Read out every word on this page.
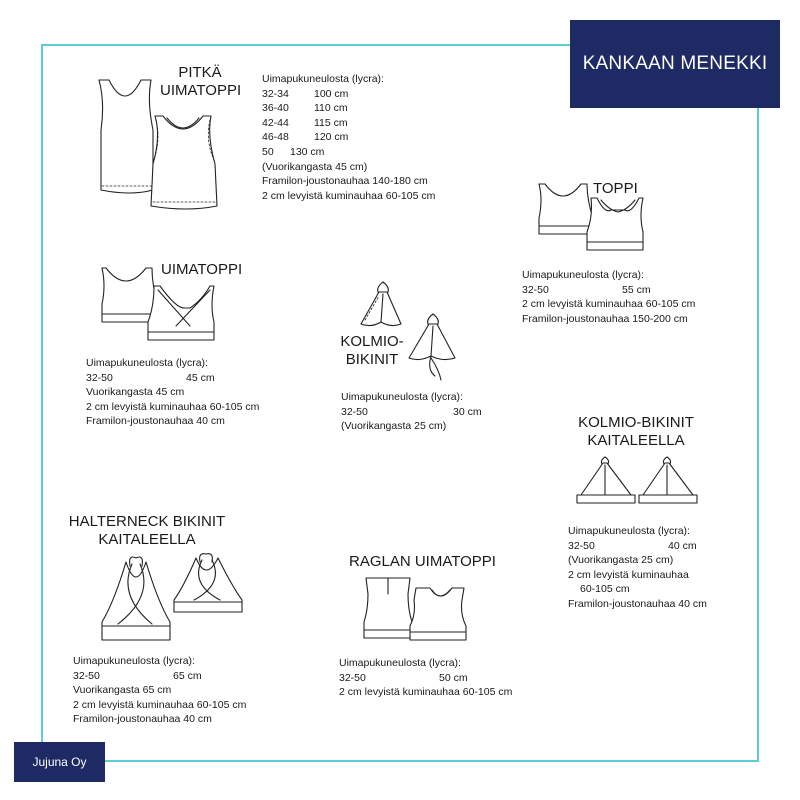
KANKAAN MENEKKI
Jujuna Oy
PITKÄ
UIMATOPPI
Uimapukuneulosta (lycra):
32-34	100 cm
36-40	110 cm
42-44	115 cm
46-48	120 cm
50	130 cm
(Vuorikangasta 45 cm)
Framilon-joustonauhaa 140-180 cm
2 cm levyistä kuminauhaa 60-105 cm	TOPPI
Uimapukuneulosta (lycra):
32-50	55 cm
2 cm levyistä kuminauhaa 60-105 cm
Framilon-joustonauhaa 150-200 cm
UIMATOPPI
Uimapukuneulosta (lycra):
32-50	45 cm
Vuorikangasta 45 cm
2 cm levyistä kuminauhaa 60-105 cm
Framilon-joustonauhaa 40 cm
KOLMIO-
BIKINIT
Uimapukuneulosta (lycra):
32-50	30 cm
(Vuorikangasta 25 cm)	KOLMIO-BIKINIT
KAITALEELLA
Uimapukuneulosta (lycra):
32-50	40 cm
(Vuorikangasta 25 cm)
2 cm levyistä kuminauhaa
60-105 cm
Framilon-joustonauhaa 40 cm
HALTERNECK BIKINIT
KAITALEELLA
Uimapukuneulosta (lycra):
32-50	65 cm
Vuorikangasta 65 cm
2 cm levyistä kuminauhaa 60-105 cm
Framilon-joustonauhaa 40 cm
RAGLAN UIMATOPPI
Uimapukuneulosta (lycra):
32-50	50 cm
2 cm levyistä kuminauhaa 60-105 cm
